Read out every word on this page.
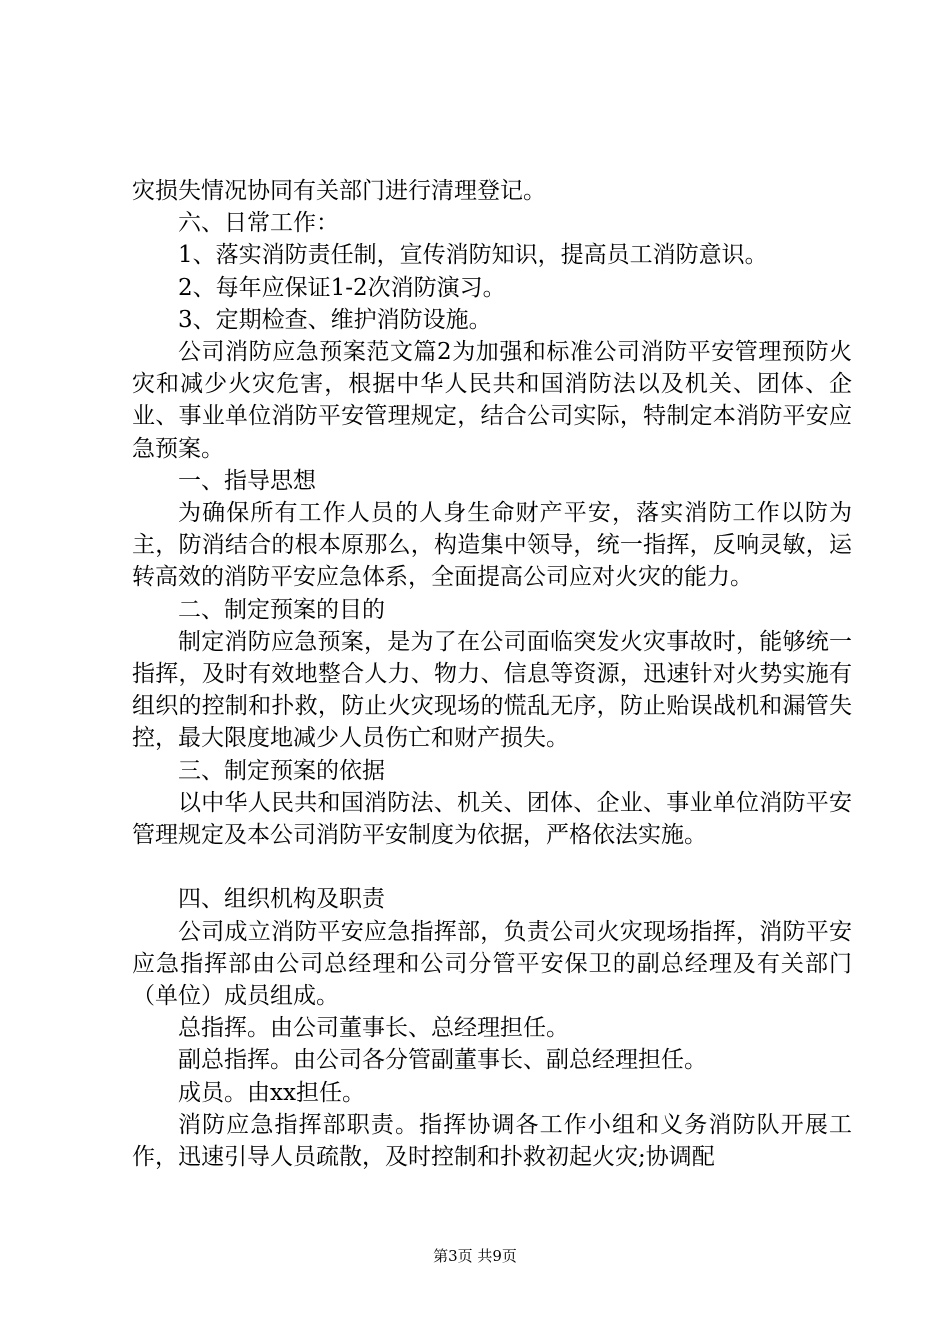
灾损失情况协同有关部门进行清理登记。

六、日常工作：

1、落实消防责任制，宣传消防知识，提高员工消防意识。

2、每年应保证1-2次消防演习。

3、定期检查、维护消防设施。

公司消防应急预案范文篇2为加强和标准公司消防平安管理预防火灾和减少火灾危害，根据中华人民共和国消防法以及机关、团体、企业、事业单位消防平安管理规定，结合公司实际，特制定本消防平安应急预案。

一、指导思想

为确保所有工作人员的人身生命财产平安，落实消防工作以防为主，防消结合的根本原那么，构造集中领导，统一指挥，反响灵敏，运转高效的消防平安应急体系，全面提高公司应对火灾的能力。

二、制定预案的目的

制定消防应急预案，是为了在公司面临突发火灾事故时，能够统一指挥，及时有效地整合人力、物力、信息等资源，迅速针对火势实施有组织的控制和扑救，防止火灾现场的慌乱无序，防止贻误战机和漏管失控，最大限度地减少人员伤亡和财产损失。

三、制定预案的依据

以中华人民共和国消防法、机关、团体、企业、事业单位消防平安管理规定及本公司消防平安制度为依据，严格依法实施。

四、组织机构及职责

公司成立消防平安应急指挥部，负责公司火灾现场指挥，消防平安应急指挥部由公司总经理和公司分管平安保卫的副总经理及有关部门（单位）成员组成。

总指挥。由公司董事长、总经理担任。

副总指挥。由公司各分管副董事长、副总经理担任。

成员。由xx担任。

消防应急指挥部职责。指挥协调各工作小组和义务消防队开展工作，迅速引导人员疏散，及时控制和扑救初起火灾;协调配

第3页 共9页
